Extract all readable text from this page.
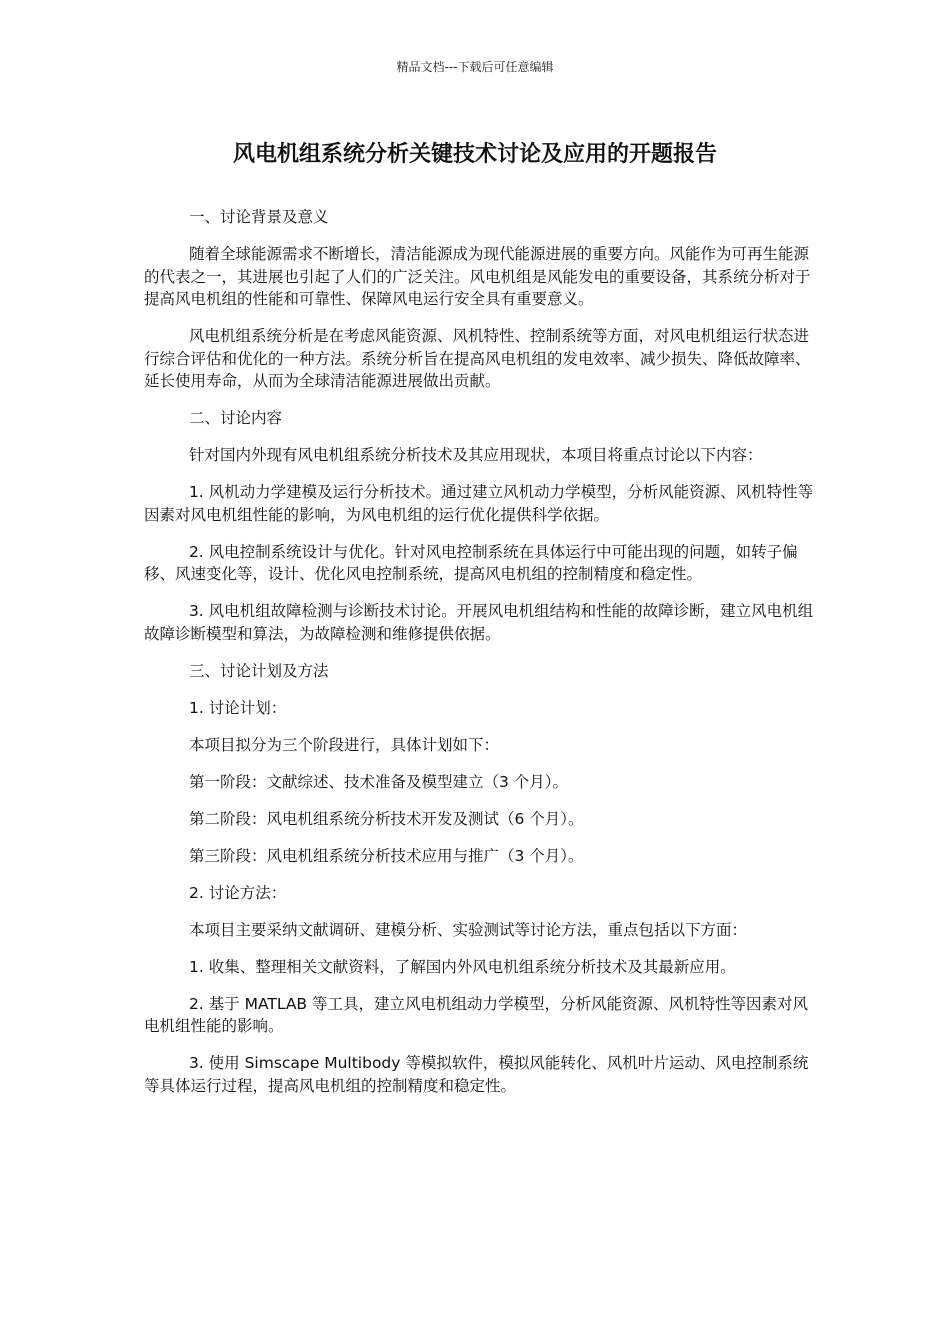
精品文档---下载后可任意编辑
风电机组系统分析关键技术讨论及应用的开题报告

一、讨论背景及意义

随着全球能源需求不断增长，清洁能源成为现代能源进展的重要方向。风能作为可再生能源的代表之一，其进展也引起了人们的广泛关注。风电机组是风能发电的重要设备，其系统分析对于提高风电机组的性能和可靠性、保障风电运行安全具有重要意义。

风电机组系统分析是在考虑风能资源、风机特性、控制系统等方面，对风电机组运行状态进行综合评估和优化的一种方法。系统分析旨在提高风电机组的发电效率、减少损失、降低故障率、延长使用寿命，从而为全球清洁能源进展做出贡献。

二、讨论内容

针对国内外现有风电机组系统分析技术及其应用现状，本项目将重点讨论以下内容：

1. 风机动力学建模及运行分析技术。通过建立风机动力学模型，分析风能资源、风机特性等因素对风电机组性能的影响，为风电机组的运行优化提供科学依据。

2. 风电控制系统设计与优化。针对风电控制系统在具体运行中可能出现的问题，如转子偏移、风速变化等，设计、优化风电控制系统，提高风电机组的控制精度和稳定性。

3. 风电机组故障检测与诊断技术讨论。开展风电机组结构和性能的故障诊断，建立风电机组故障诊断模型和算法，为故障检测和维修提供依据。

三、讨论计划及方法

1. 讨论计划：

本项目拟分为三个阶段进行，具体计划如下：

第一阶段：文献综述、技术准备及模型建立（3 个月）。

第二阶段：风电机组系统分析技术开发及测试（6 个月）。

第三阶段：风电机组系统分析技术应用与推广（3 个月）。

2. 讨论方法：

本项目主要采纳文献调研、建模分析、实验测试等讨论方法，重点包括以下方面：

1. 收集、整理相关文献资料，了解国内外风电机组系统分析技术及其最新应用。

2. 基于 MATLAB 等工具，建立风电机组动力学模型，分析风能资源、风机特性等因素对风电机组性能的影响。

3. 使用 Simscape Multibody 等模拟软件，模拟风能转化、风机叶片运动、风电控制系统等具体运行过程，提高风电机组的控制精度和稳定性。
